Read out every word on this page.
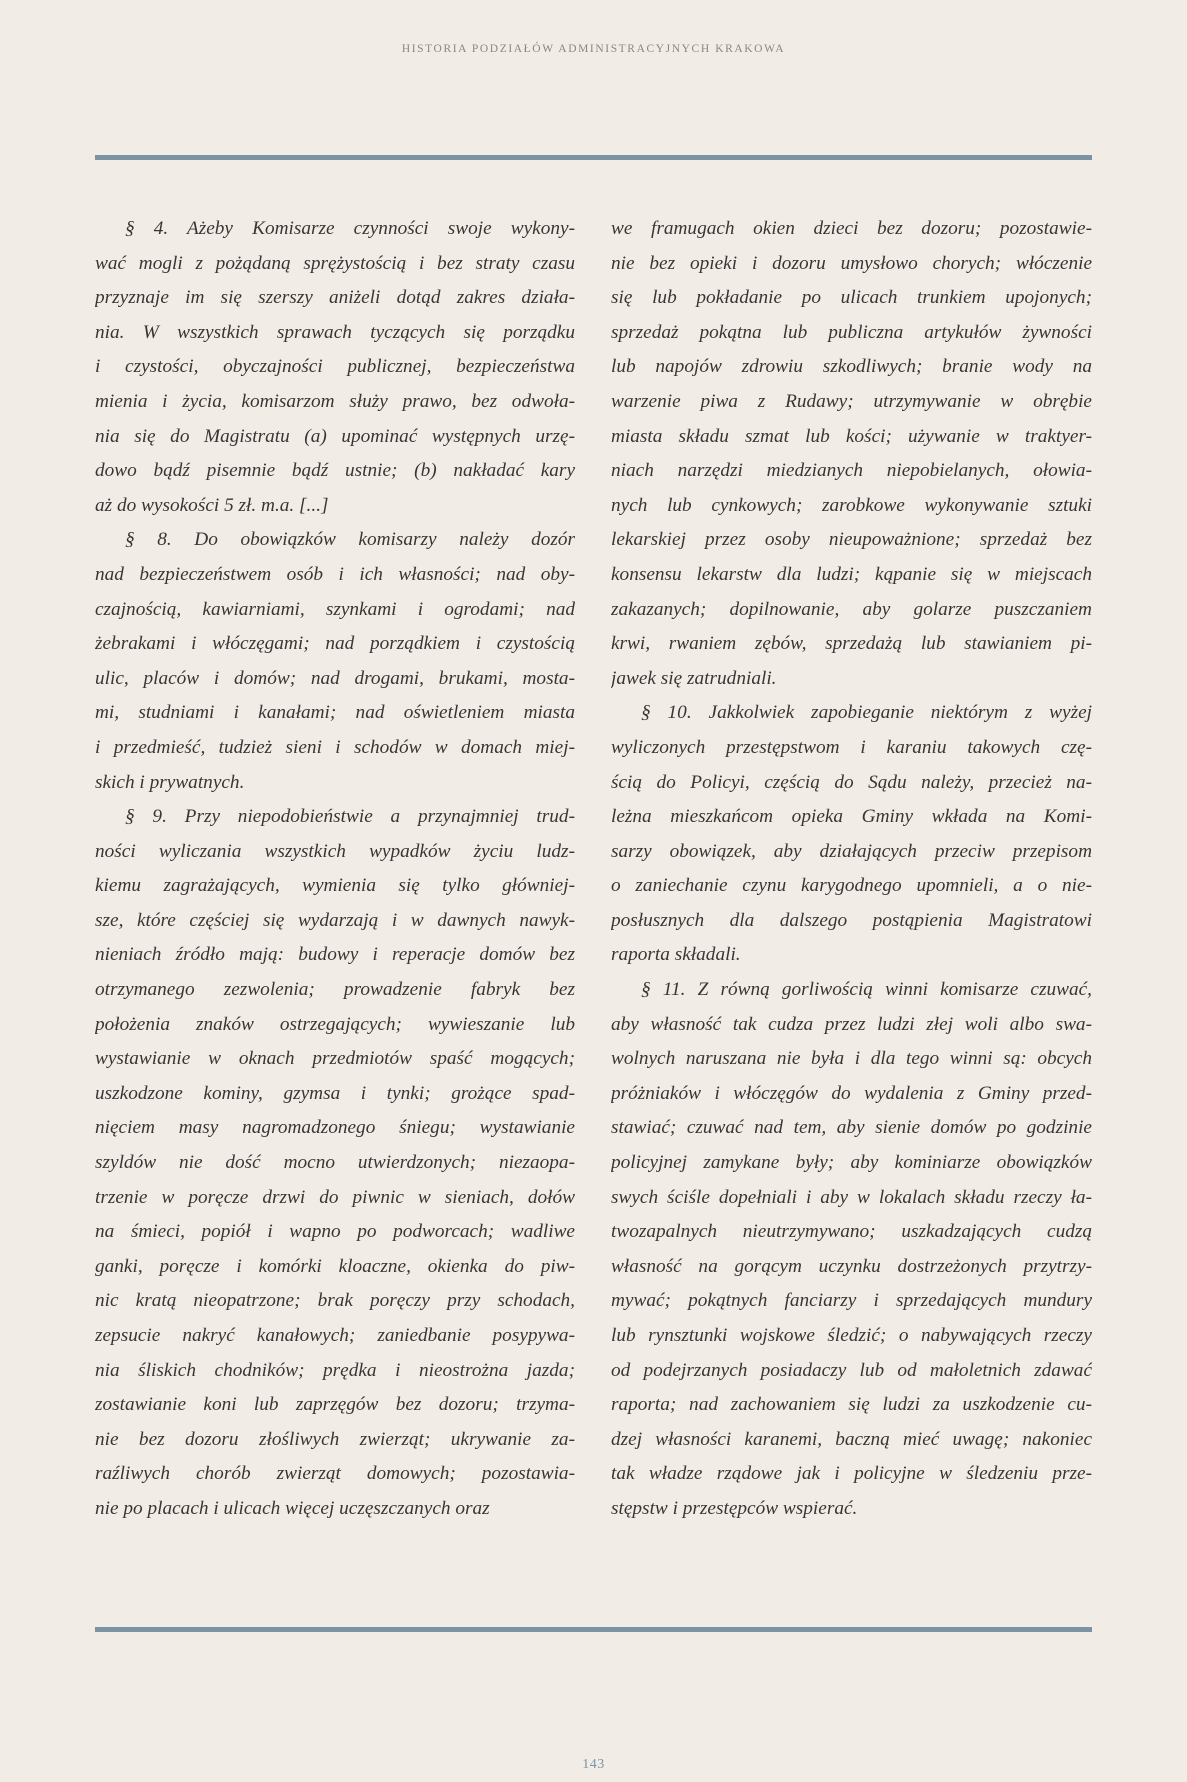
HISTORIA PODZIAŁÓW ADMINISTRACYJNYCH KRAKOWA
§ 4. Ażeby Komisarze czynności swoje wykony-
wać mogli z pożądaną sprężystością i bez straty czasu
przyznaje im się szerszy aniżeli dotąd zakres działa-
nia. W wszystkich sprawach tyczących się porządku
i czystości, obyczajności publicznej, bezpieczeństwa
mienia i życia, komisarzom służy prawo, bez odwoła-
nia się do Magistratu (a) upominać występnych urzę-
dowo bądź pisemnie bądź ustnie; (b) nakładać kary
aż do wysokości 5 zł. m.a. [...]
§ 8. Do obowiązków komisarzy należy dozór
nad bezpieczeństwem osób i ich własności; nad oby-
czajnością, kawiarniami, szynkami i ogrodami; nad
żebrakami i włóczęgami; nad porządkiem i czystością
ulic, placów i domów; nad drogami, brukami, mosta-
mi, studniami i kanałami; nad oświetleniem miasta
i przedmieść, tudzież sieni i schodów w domach miej-
skich i prywatnych.
§ 9. Przy niepodobieństwie a przynajmniej trud-
ności wyliczania wszystkich wypadków życiu ludz-
kiemu zagrażających, wymienia się tylko główniej-
sze, które częściej się wydarzają i w dawnych nawyk-
nieniach źródło mają: budowy i reperacje domów bez
otrzymanego zezwolenia; prowadzenie fabryk bez
położenia znaków ostrzegających; wywieszanie lub
wystawianie w oknach przedmiotów spaść mogących;
uszkodzone kominy, gzymsa i tynki; grożące spad-
nięciem masy nagromadzonego śniegu; wystawianie
szyldów nie dość mocno utwierdzonych; niezaopa-
trzenie w poręcze drzwi do piwnic w sieniach, dołów
na śmieci, popiół i wapno po podworcach; wadliwe
ganki, poręcze i komórki kloaczne, okienka do piw-
nic kratą nieopatrzone; brak poręczy przy schodach,
zepsucie nakryć kanałowych; zaniedbanie posypywa-
nia śliskich chodników; prędka i nieostrożna jazda;
zostawianie koni lub zaprzęgów bez dozoru; trzyma-
nie bez dozoru złośliwych zwierząt; ukrywanie za-
raźliwych chorób zwierząt domowych; pozostawia-
nie po placach i ulicach więcej uczęszczanych oraz
we framugach okien dzieci bez dozoru; pozostawie-
nie bez opieki i dozoru umysłowo chorych; włóczenie
się lub pokładanie po ulicach trunkiem upojonych;
sprzedaż pokątna lub publiczna artykułów żywności
lub napojów zdrowiu szkodliwych; branie wody na
warzenie piwa z Rudawy; utrzymywanie w obrębie
miasta składu szmat lub kości; używanie w traktyer-
niach narzędzi miedzianych niepobielanych, ołowia-
nych lub cynkowych; zarobkowe wykonywanie sztuki
lekarskiej przez osoby nieupoważnione; sprzedaż bez
konsensu lekarstw dla ludzi; kąpanie się w miejscach
zakazanych; dopilnowanie, aby golarze puszczaniem
krwi, rwaniem zębów, sprzedażą lub stawianiem pi-
jawek się zatrudniali.
§ 10. Jakkolwiek zapobieganie niektórym z wyżej
wyliczonych przestępstwom i karaniu takowych czę-
ścią do Policyi, częścią do Sądu należy, przecież na-
leżna mieszkańcom opieka Gminy wkłada na Komi-
sarzy obowiązek, aby działających przeciw przepisom
o zaniechanie czynu karygodnego upomnieli, a o nie-
posłusznych dla dalszego postąpienia Magistratowi
raporta składali.
§ 11. Z równą gorliwością winni komisarze czuwać,
aby własność tak cudza przez ludzi złej woli albo swa-
wolnych naruszana nie była i dla tego winni są: obcych
próżniaków i włóczęgów do wydalenia z Gminy przed-
stawiać; czuwać nad tem, aby sienie domów po godzinie
policyjnej zamykane były; aby kominiarze obowiązków
swych ściśle dopełniali i aby w lokalach składu rzeczy ła-
twozapalnych nieutrzymywano; uszkadzających cudzą
własność na gorącym uczynku dostrzeżonych przytrzy-
mywać; pokątnych fanciarzy i sprzedających mundury
lub rynsztunki wojskowe śledzić; o nabywających rzeczy
od podejrzanych posiadaczy lub od małoletnich zdawać
raporta; nad zachowaniem się ludzi za uszkodzenie cu-
dzej własności karanemi, baczną mieć uwagę; nakoniec
tak władze rządowe jak i policyjne w śledzeniu prze-
stępstw i przestępców wspierać.
143
